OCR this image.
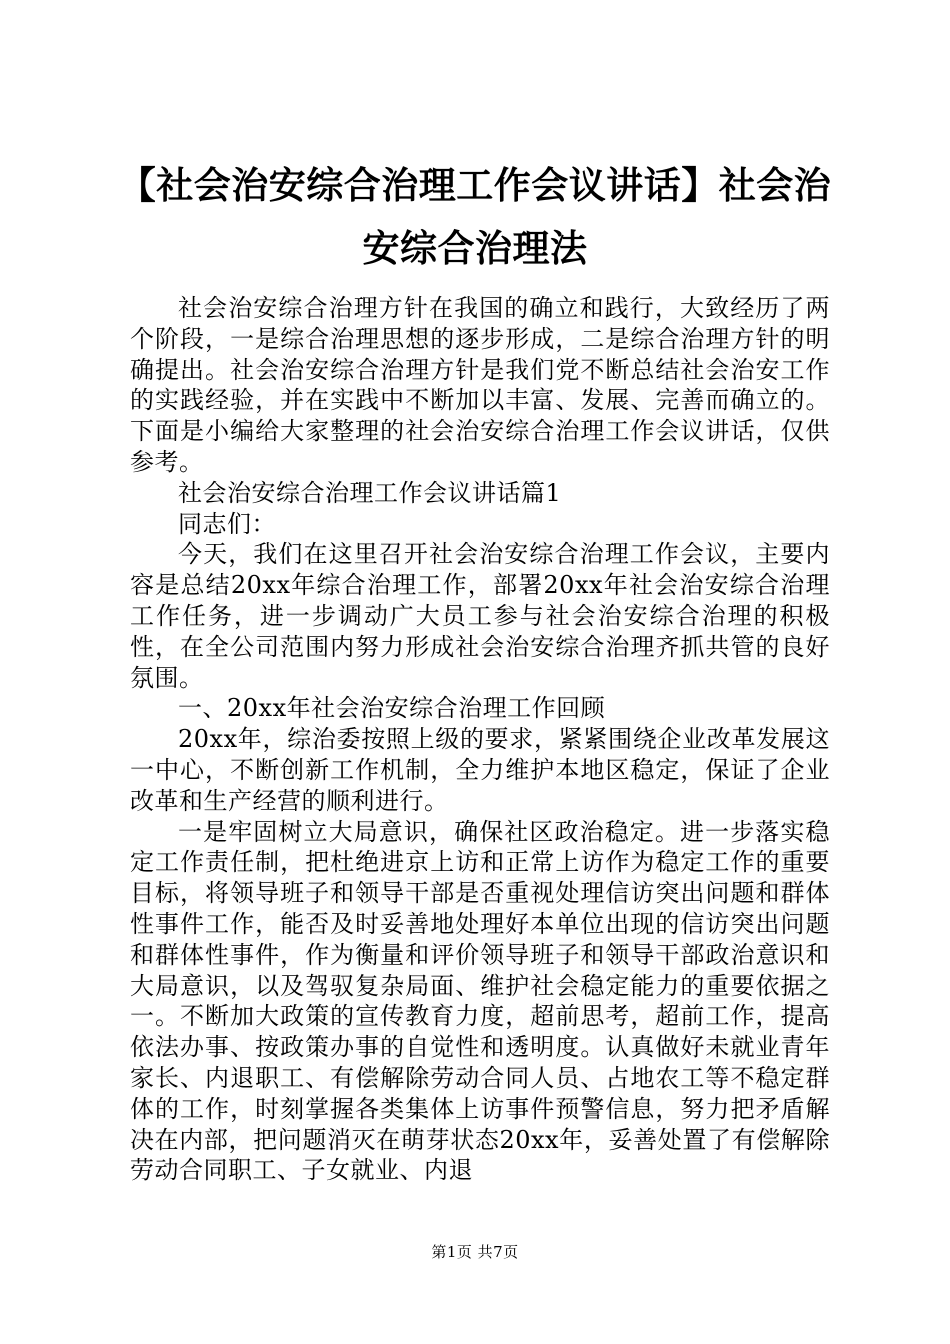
【社会治安综合治理工作会议讲话】社会治安综合治理法

社会治安综合治理方针在我国的确立和践行，大致经历了两个阶段，一是综合治理思想的逐步形成，二是综合治理方针的明确提出。社会治安综合治理方针是我们党不断总结社会治安工作的实践经验，并在实践中不断加以丰富、发展、完善而确立的。下面是小编给大家整理的社会治安综合治理工作会议讲话，仅供参考。

社会治安综合治理工作会议讲话篇1

同志们：

今天，我们在这里召开社会治安综合治理工作会议，主要内容是总结20xx年综合治理工作，部署20xx年社会治安综合治理工作任务，进一步调动广大员工参与社会治安综合治理的积极性，在全公司范围内努力形成社会治安综合治理齐抓共管的良好氛围。

一、20xx年社会治安综合治理工作回顾

20xx年，综治委按照上级的要求，紧紧围绕企业改革发展这一中心，不断创新工作机制，全力维护本地区稳定，保证了企业改革和生产经营的顺利进行。

一是牢固树立大局意识，确保社区政治稳定。进一步落实稳定工作责任制，把杜绝进京上访和正常上访作为稳定工作的重要目标，将领导班子和领导干部是否重视处理信访突出问题和群体性事件工作，能否及时妥善地处理好本单位出现的信访突出问题和群体性事件，作为衡量和评价领导班子和领导干部政治意识和大局意识，以及驾驭复杂局面、维护社会稳定能力的重要依据之一。不断加大政策的宣传教育力度，超前思考，超前工作，提高依法办事、按政策办事的自觉性和透明度。认真做好未就业青年家长、内退职工、有偿解除劳动合同人员、占地农工等不稳定群体的工作，时刻掌握各类集体上访事件预警信息，努力把矛盾解决在内部，把问题消灭在萌芽状态20xx年，妥善处置了有偿解除劳动合同职工、子女就业、内退

第1页 共7页
